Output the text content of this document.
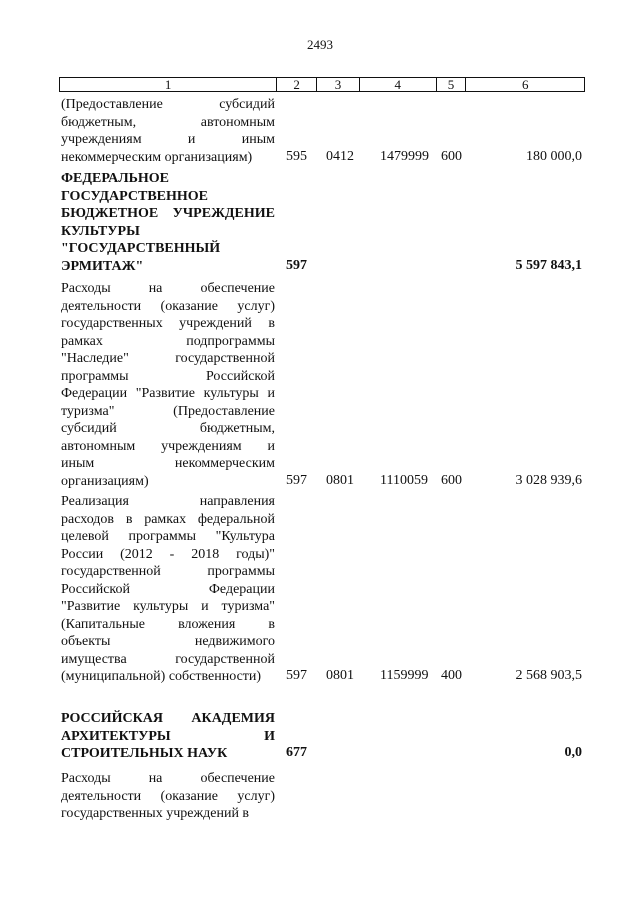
2493
1	2	3	4	5	6
(Предоставление субсидий
бюджетным, автономным
учреждениям и иным
некоммерческим организациям)	595 0412 1479999 600	180 000,0
ФЕДЕРАЛЬНОЕ
ГОСУДАРСТВЕННОЕ
БЮДЖЕТНОЕ УЧРЕЖДЕНИЕ
КУЛЬТУРЫ
"ГОСУДАРСТВЕННЫЙ
ЭРМИТАЖ"	597	5 597 843,1
Расходы на обеспечение
деятельности (оказание услуг)
государственных учреждений в
рамках подпрограммы
"Наследие" государственной
программы Российской
Федерации "Развитие культуры и
туризма" (Предоставление
субсидий бюджетным,
автономным учреждениям и
иным некоммерческим
организациям)	597 0801 1110059 600	3 028 939,6
Реализация направления
расходов в рамках федеральной
целевой программы "Культура
России (2012 - 2018 годы)"
государственной программы
Российской Федерации
"Развитие культуры и туризма"
(Капитальные вложения в
объекты недвижимого
имущества государственной
(муниципальной) собственности)	597 0801 1159999 400	2 568 903,5
РОССИЙСКАЯ АКАДЕМИЯ
АРХИТЕКТУРЫ И
СТРОИТЕЛЬНЫХ НАУК	677	0,0
Расходы на обеспечение
деятельности (оказание услуг)
государственных учреждений в
